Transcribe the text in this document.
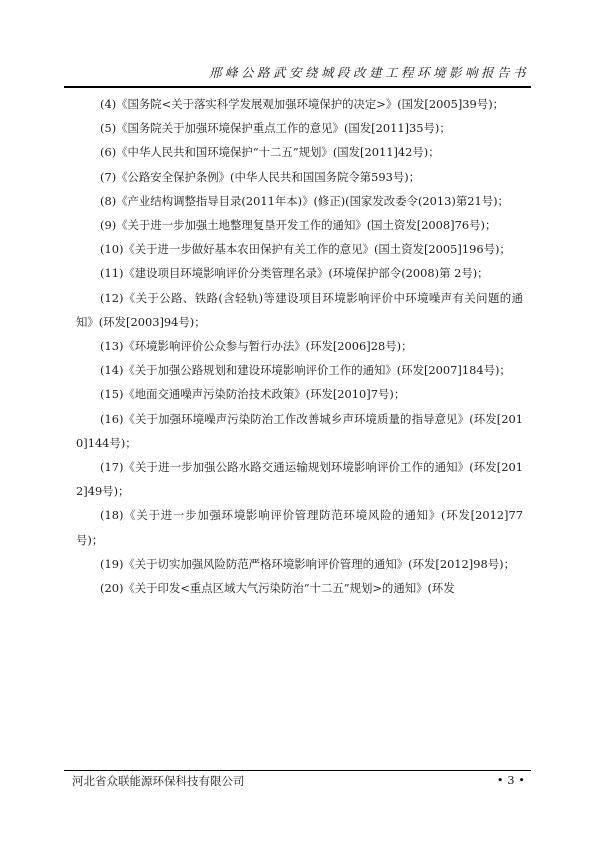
邢峰公路武安绕城段改建工程环境影响报告书

(4)《国务院<关于落实科学发展观加强环境保护的决定>》(国发[2005]39号)；

(5)《国务院关于加强环境保护重点工作的意见》(国发[2011]35号)；

(6)《中华人民共和国环境保护“十二五”规划》(国发[2011]42号)；

(7)《公路安全保护条例》(中华人民共和国国务院令第593号)；

(8)《产业结构调整指导目录(2011年本)》(修正)(国家发改委令(2013)第21号)；

(9)《关于进一步加强土地整理复垦开发工作的通知》(国土资发[2008]76号)；

(10)《关于进一步做好基本农田保护有关工作的意见》(国土资发[2005]196号)；

(11)《建设项目环境影响评价分类管理名录》(环境保护部令(2008)第 2号)；

(12)《关于公路、铁路(含轻轨)等建设项目环境影响评价中环境噪声有关问题的通知》(环发[2003]94号)；

(13)《环境影响评价公众参与暂行办法》(环发[2006]28号)；

(14)《关于加强公路规划和建设环境影响评价工作的通知》(环发[2007]184号)；

(15)《地面交通噪声污染防治技术政策》(环发[2010]7号)；

(16)《关于加强环境噪声污染防治工作改善城乡声环境质量的指导意见》(环发[2010]144号)；

(17)《关于进一步加强公路水路交通运输规划环境影响评价工作的通知》(环发[2012]49号)；

(18)《关于进一步加强环境影响评价管理防范环境风险的通知》(环发[2012]77号)；

(19)《关于切实加强风险防范严格环境影响评价管理的通知》(环发[2012]98号)；

(20)《关于印发<重点区域大气污染防治“十二五”规划>的通知》(环发

河北省众联能源环保科技有限公司	• 3 •
